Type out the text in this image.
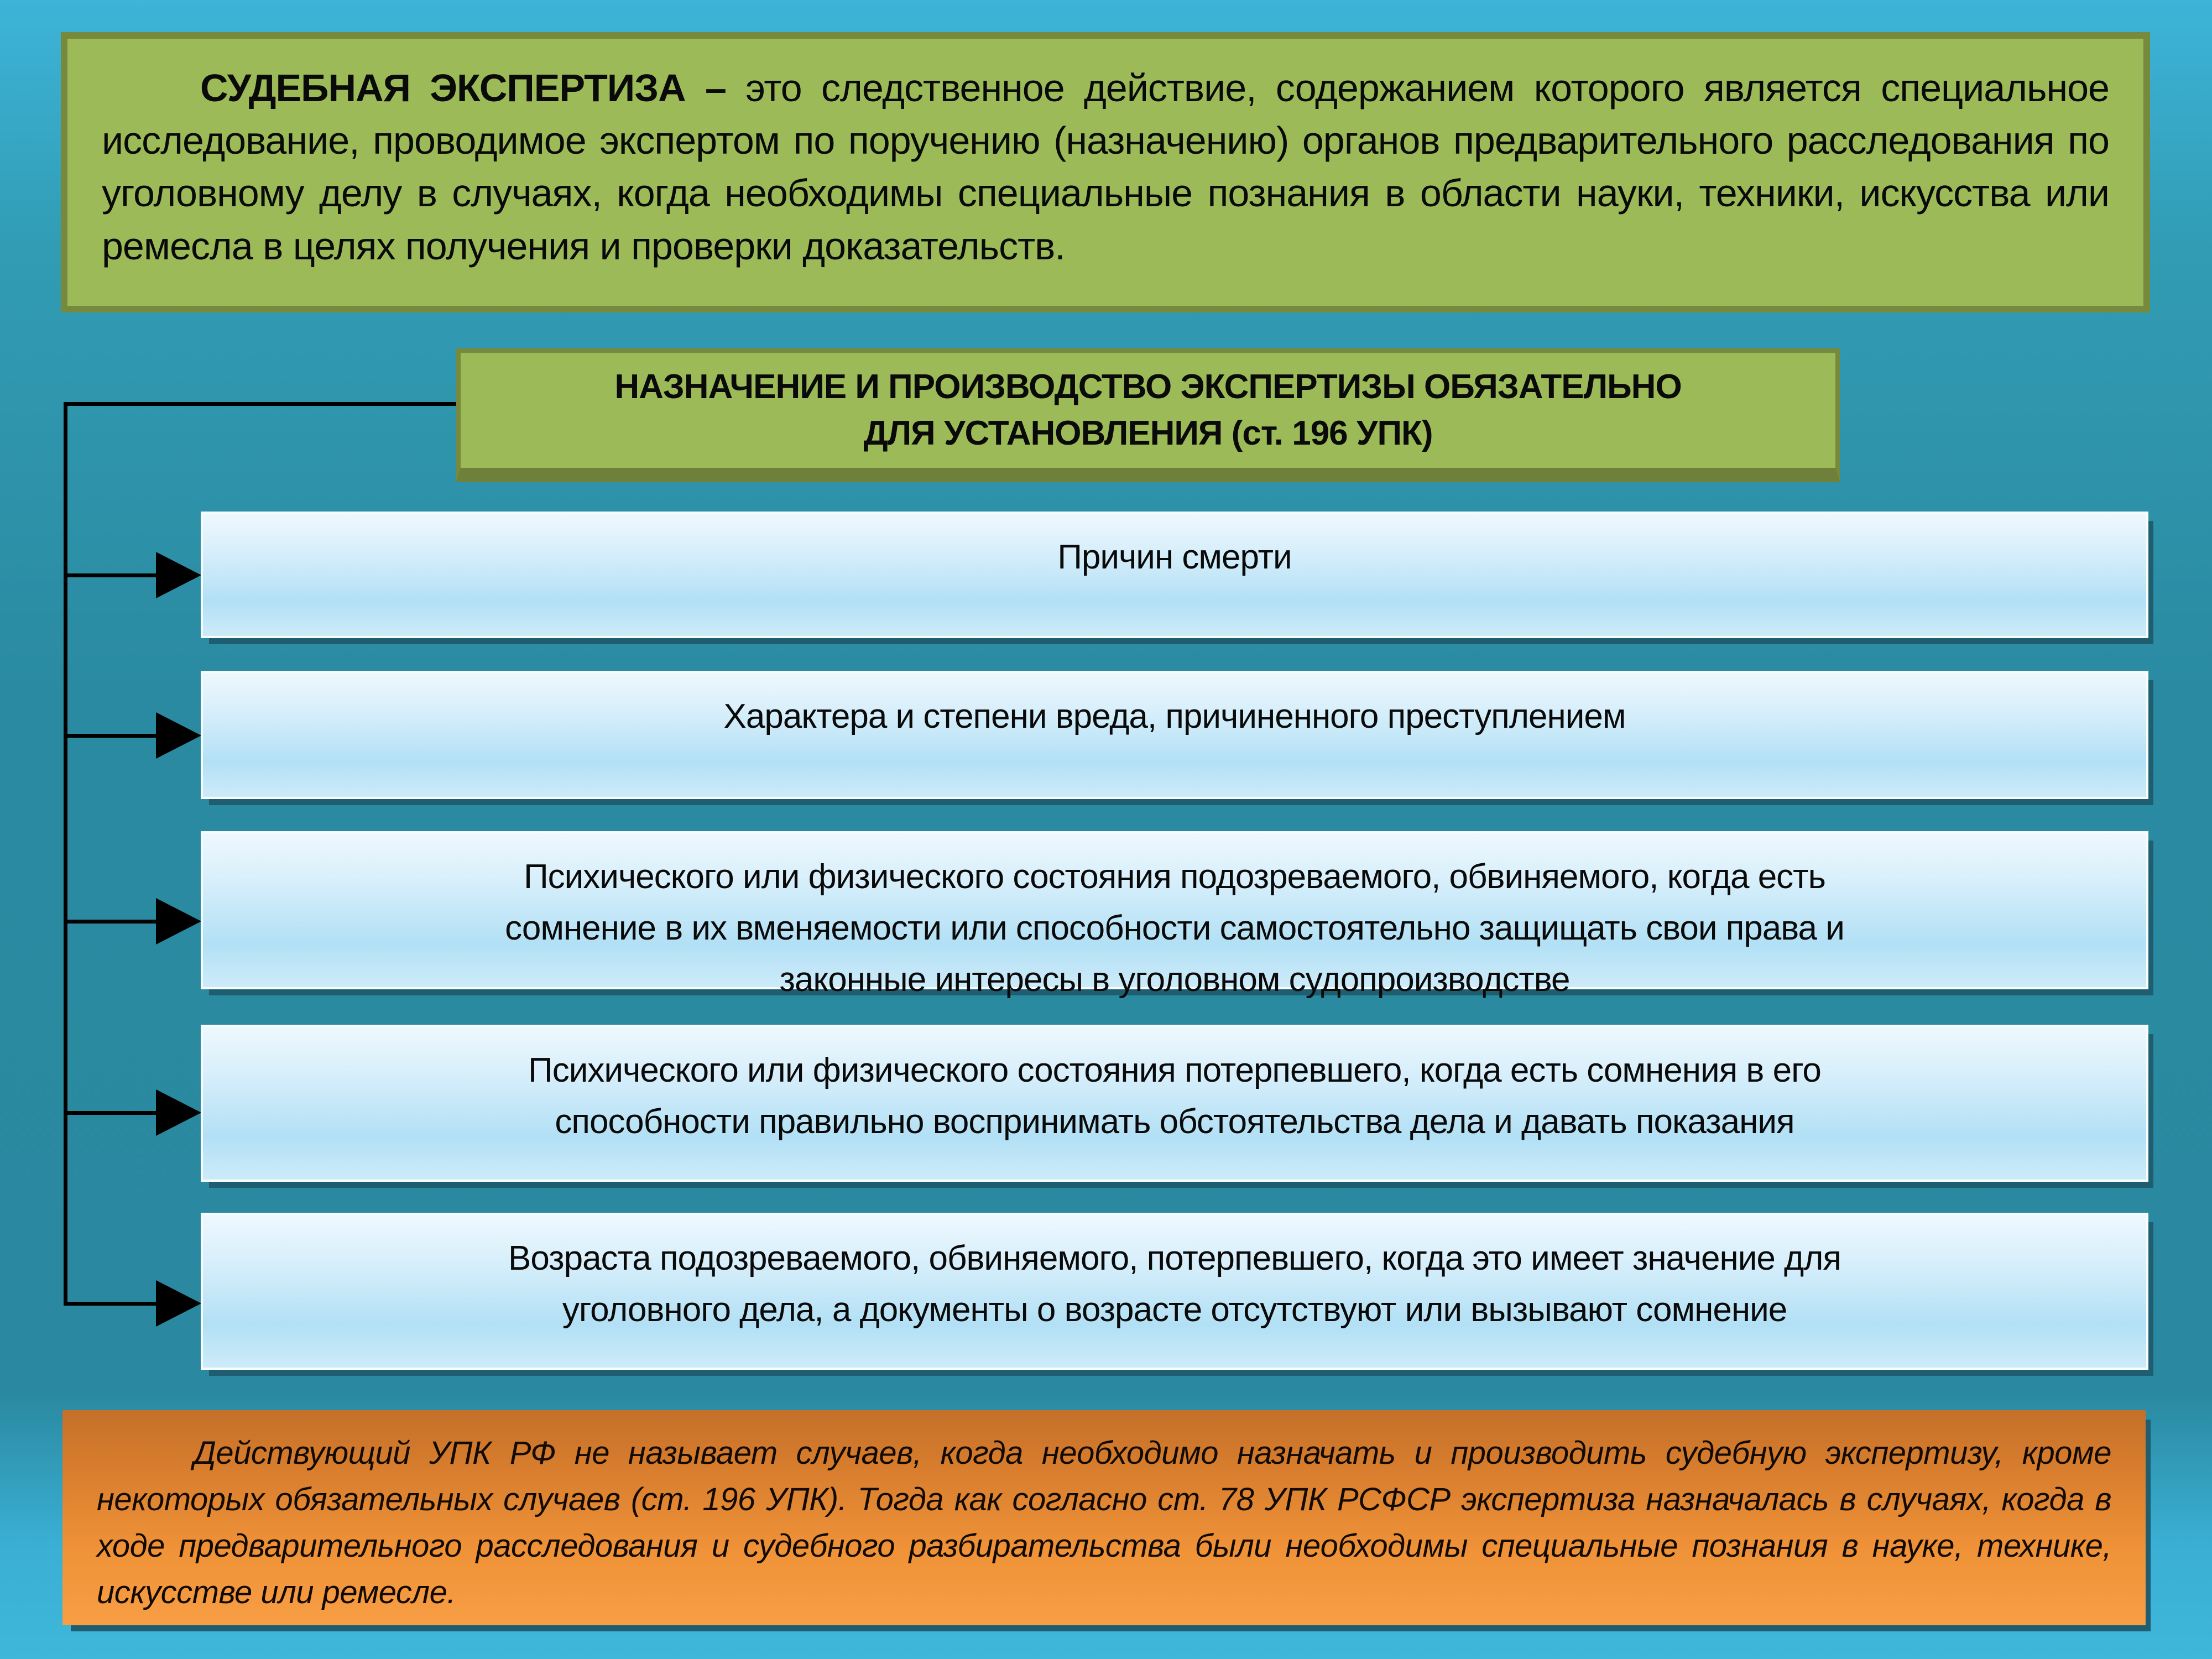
СУДЕБНАЯ ЭКСПЕРТИЗА – это следственное действие, содержанием которого является специальное исследование, проводимое экспертом по поручению (назначению) органов предварительного расследования по уголовному делу в случаях, когда необходимы специальные познания в области науки, техники, искусства или ремесла в целях получения и проверки доказательств.

НАЗНАЧЕНИЕ И ПРОИЗВОДСТВО ЭКСПЕРТИЗЫ ОБЯЗАТЕЛЬНО
ДЛЯ УСТАНОВЛЕНИЯ (ст. 196 УПК)
Причин смерти
Характера и степени вреда, причиненного преступлением
Психического или физического состояния подозреваемого, обвиняемого, когда есть
сомнение в их вменяемости или способности самостоятельно защищать свои права и
законные интересы в уголовном судопроизводстве
Психического или физического состояния потерпевшего, когда есть сомнения в его
способности правильно воспринимать обстоятельства дела и давать показания
Возраста подозреваемого, обвиняемого, потерпевшего, когда это имеет значение для
уголовного дела, а документы о возрасте отсутствуют или вызывают сомнение

Действующий УПК РФ не называет случаев, когда необходимо назначать и производить судебную экспертизу, кроме некоторых обязательных случаев (ст. 196 УПК). Тогда как согласно ст. 78 УПК РСФСР экспертиза назначалась в случаях, когда в ходе предварительного расследования и судебного разбирательства были необходимы специальные познания в науке, технике, искусстве или ремесле.
